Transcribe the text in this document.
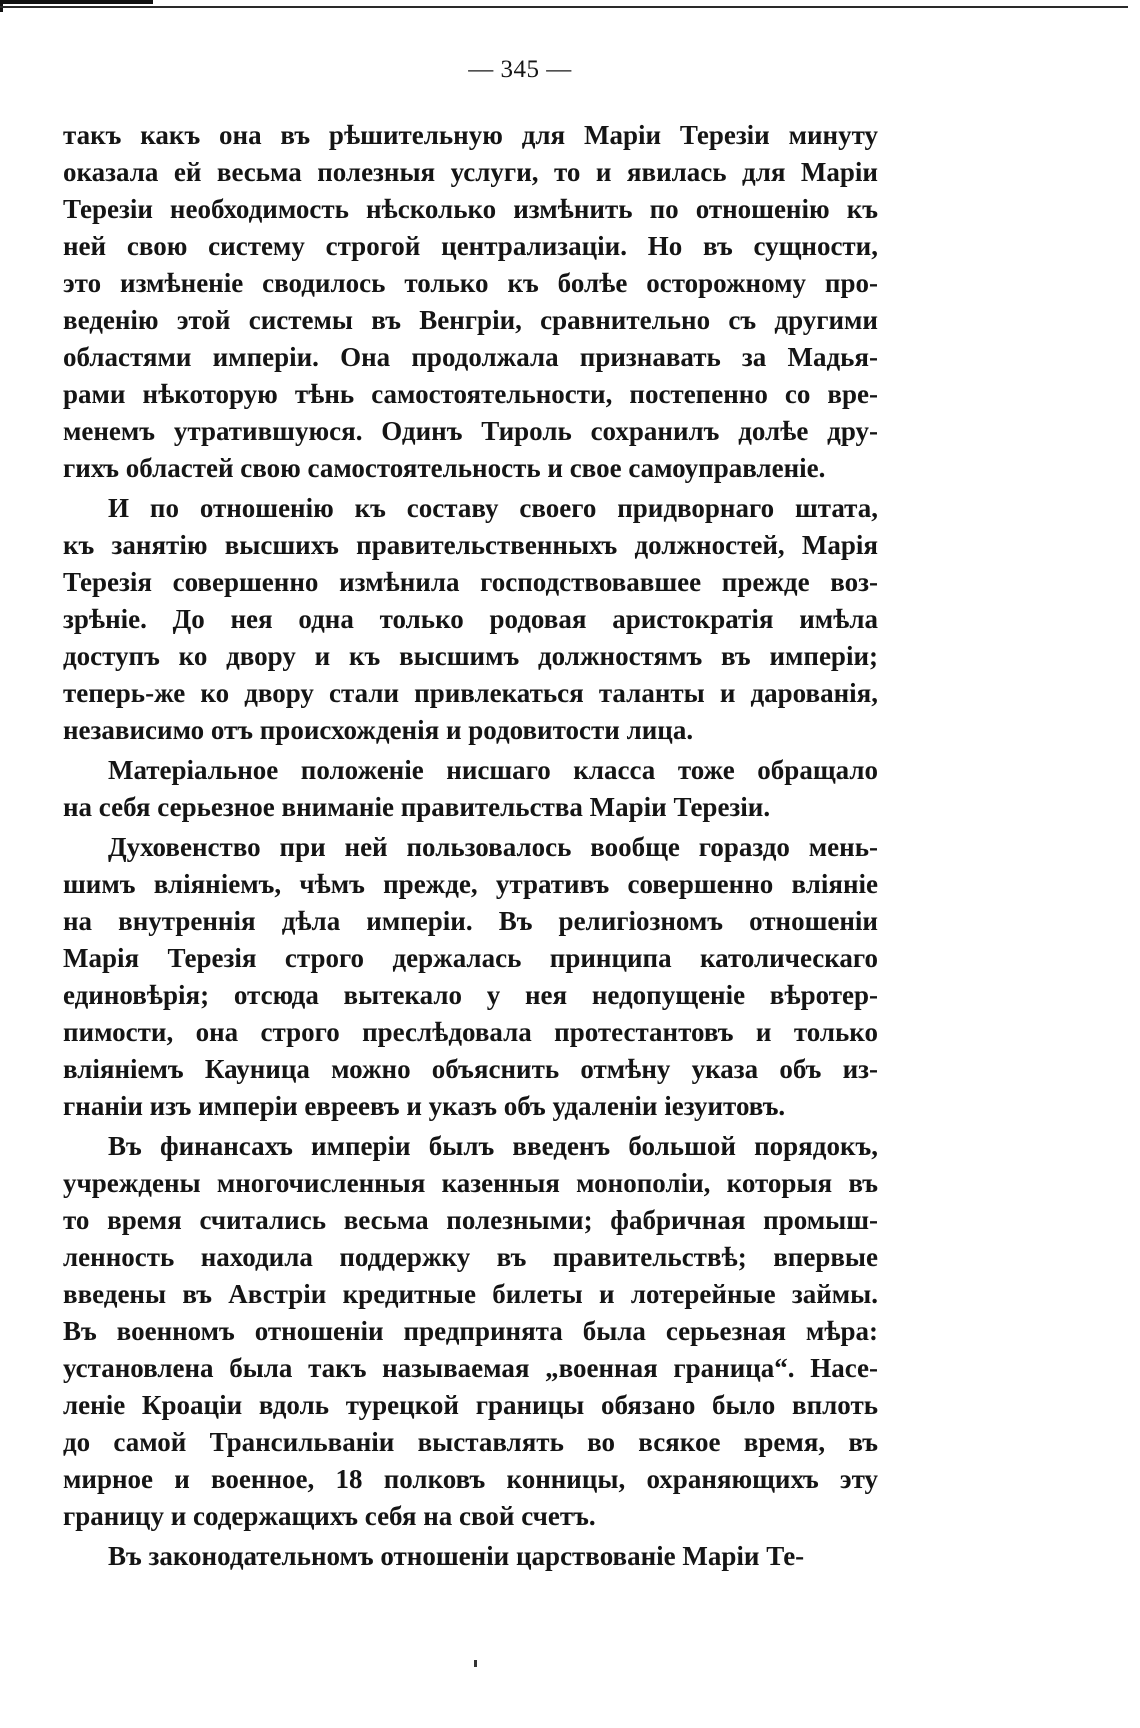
— 345 —
такъ какъ она въ рѣшительную для Маріи Терезіи минуту
оказала ей весьма полезныя услуги, то и явилась для Маріи
Терезіи необходимость нѣсколько измѣнить по отношенію къ
ней свою систему строгой централизаціи. Но въ сущности,
это измѣненіе сводилось только къ болѣе осторожному про-
веденію этой системы въ Венгріи, сравнительно съ другими
областями имперіи. Она продолжала признавать за Мадья-
рами нѣкоторую тѣнь самостоятельности, постепенно со вре-
менемъ утратившуюся. Одинъ Тироль сохранилъ долѣе дру-
гихъ областей свою самостоятельность и свое самоуправленіе.
И по отношенію къ составу своего придворнаго штата,
къ занятію высшихъ правительственныхъ должностей, Марія
Терезія совершенно измѣнила господствовавшее прежде воз-
зрѣніе. До нея одна только родовая аристократія имѣла
доступъ ко двору и къ высшимъ должностямъ въ имперіи;
теперь-же ко двору стали привлекаться таланты и дарованія,
независимо отъ происхожденія и родовитости лица.
Матеріальное положеніе нисшаго класса тоже обращало
на себя серьезное вниманіе правительства Маріи Терезіи.
Духовенство при ней пользовалось вообще гораздо мень-
шимъ вліяніемъ, чѣмъ прежде, утративъ совершенно вліяніе
на внутреннія дѣла имперіи. Въ религіозномъ отношеніи
Марія Терезія строго держалась принципа католическаго
единовѣрія; отсюда вытекало у нея недопущеніе вѣротер-
пимости, она строго преслѣдовала протестантовъ и только
вліяніемъ Кауница можно объяснить отмѣну указа объ из-
гнаніи изъ имперіи евреевъ и указъ объ удаленіи іезуитовъ.
Въ финансахъ имперіи былъ введенъ большой порядокъ,
учреждены многочисленныя казенныя монополіи, которыя въ
то время считались весьма полезными; фабричная промыш-
ленность находила поддержку въ правительствѣ; впервые
введены въ Австріи кредитные билеты и лотерейные займы.
Въ военномъ отношеніи предпринята была серьезная мѣра:
установлена была такъ называемая „военная граница“. Насе-
леніе Кроаціи вдоль турецкой границы обязано было вплоть
до самой Трансильваніи выставлять во всякое время, въ
мирное и военное, 18 полковъ конницы, охраняющихъ эту
границу и содержащихъ себя на свой счетъ.
Въ законодательномъ отношеніи царствованіе Маріи Те-
